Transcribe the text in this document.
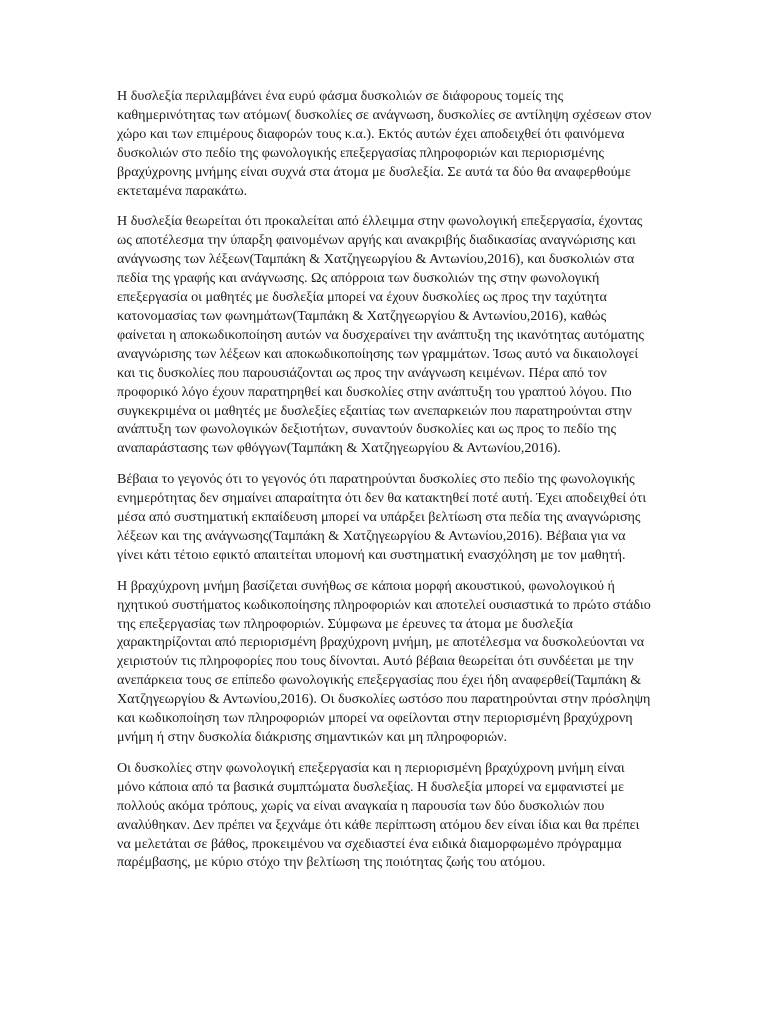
Η δυσλεξία περιλαμβάνει ένα ευρύ φάσμα δυσκολιών σε διάφορους τομείς της καθημερινότητας των ατόμων( δυσκολίες σε ανάγνωση, δυσκολίες σε αντίληψη σχέσεων στον χώρο και των επιμέρους διαφορών τους κ.α.). Εκτός αυτών έχει αποδειχθεί ότι φαινόμενα δυσκολιών στο πεδίο της φωνολογικής επεξεργασίας πληροφοριών και περιορισμένης βραχύχρονης μνήμης είναι συχνά στα άτομα με δυσλεξία. Σε αυτά τα δύο θα αναφερθούμε εκτεταμένα παρακάτω.

Η δυσλεξία θεωρείται ότι προκαλείται από έλλειμμα στην φωνολογική επεξεργασία, έχοντας ως αποτέλεσμα την ύπαρξη φαινομένων αργής και ανακριβής διαδικασίας αναγνώρισης και ανάγνωσης των λέξεων(Ταμπάκη & Χατζηγεωργίου & Αντωνίου,2016), και δυσκολιών στα πεδία της γραφής και ανάγνωσης. Ως απόρροια των δυσκολιών της στην φωνολογική επεξεργασία οι μαθητές με δυσλεξία μπορεί να έχουν δυσκολίες ως προς την ταχύτητα κατονομασίας των φωνημάτων(Ταμπάκη & Χατζηγεωργίου & Αντωνίου,2016), καθώς φαίνεται η αποκωδικοποίηση αυτών να δυσχεραίνει την ανάπτυξη της ικανότητας αυτόματης αναγνώρισης των λέξεων και αποκωδικοποίησης των γραμμάτων. Ίσως αυτό να δικαιολογεί και τις δυσκολίες που παρουσιάζονται ως προς την ανάγνωση κειμένων. Πέρα από τον προφορικό λόγο έχουν παρατηρηθεί και δυσκολίες στην ανάπτυξη του γραπτού λόγου. Πιο συγκεκριμένα οι μαθητές με δυσλεξίες εξαιτίας των ανεπαρκειών που παρατηρούνται στην ανάπτυξη των φωνολογικών δεξιοτήτων, συναντούν δυσκολίες και ως προς το πεδίο της αναπαράστασης των φθόγγων(Ταμπάκη & Χατζηγεωργίου & Αντωνίου,2016).

Βέβαια το γεγονός ότι το γεγονός ότι παρατηρούνται δυσκολίες στο πεδίο της φωνολογικής ενημερότητας δεν σημαίνει απαραίτητα ότι δεν θα κατακτηθεί ποτέ αυτή. Έχει αποδειχθεί ότι μέσα από συστηματική εκπαίδευση μπορεί να υπάρξει βελτίωση στα πεδία της αναγνώρισης λέξεων και της ανάγνωσης(Ταμπάκη & Χατζηγεωργίου & Αντωνίου,2016). Βέβαια για να γίνει κάτι τέτοιο εφικτό απαιτείται υπομονή και συστηματική ενασχόληση με τον μαθητή.

Η βραχύχρονη μνήμη βασίζεται συνήθως σε κάποια μορφή ακουστικού, φωνολογικού ή ηχητικού συστήματος κωδικοποίησης πληροφοριών και αποτελεί ουσιαστικά το πρώτο στάδιο της επεξεργασίας των πληροφοριών. Σύμφωνα με έρευνες τα άτομα με δυσλεξία χαρακτηρίζονται από περιορισμένη βραχύχρονη μνήμη, με αποτέλεσμα να δυσκολεύονται να χειριστούν τις πληροφορίες που τους δίνονται. Αυτό βέβαια θεωρείται ότι συνδέεται με την ανεπάρκεια τους σε επίπεδο φωνολογικής επεξεργασίας που έχει ήδη αναφερθεί(Ταμπάκη & Χατζηγεωργίου & Αντωνίου,2016). Οι δυσκολίες ωστόσο που παρατηρούνται στην πρόσληψη και κωδικοποίηση των πληροφοριών μπορεί να οφείλονται στην περιορισμένη βραχύχρονη μνήμη ή στην δυσκολία διάκρισης σημαντικών και μη πληροφοριών.

Οι δυσκολίες στην φωνολογική επεξεργασία και η περιορισμένη βραχύχρονη μνήμη είναι μόνο κάποια από τα βασικά συμπτώματα δυσλεξίας. Η δυσλεξία μπορεί να εμφανιστεί με πολλούς ακόμα τρόπους, χωρίς να είναι αναγκαία η παρουσία των δύο δυσκολιών που αναλύθηκαν. Δεν πρέπει να ξεχνάμε ότι κάθε περίπτωση ατόμου δεν είναι ίδια και θα πρέπει να μελετάται σε βάθος, προκειμένου να σχεδιαστεί ένα ειδικά διαμορφωμένο πρόγραμμα παρέμβασης, με κύριο στόχο την βελτίωση της ποιότητας ζωής του ατόμου.
